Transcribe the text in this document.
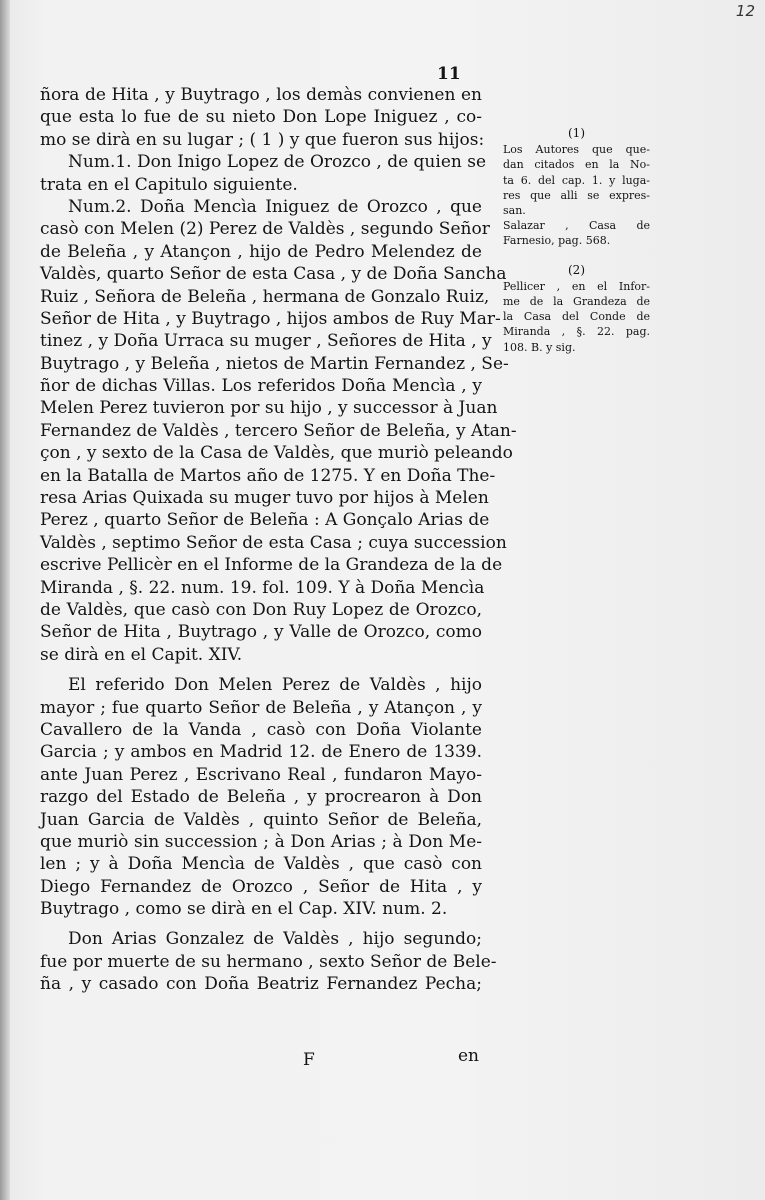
12
11
ñora de Hita , y Buytrago , los demàs convienen en
que esta lo fue de su nieto Don Lope Iniguez , co-
mo se dirà en su lugar ; ( 1 ) y que fueron sus hijos:
Num.1. Don Inigo Lopez de Orozco , de quien se
trata en el Capitulo siguiente.
Num.2. Doña Mencìa Iniguez de Orozco , que
casò con Melen (2) Perez de Valdès , segundo Señor
de Beleña , y Atançon , hijo de Pedro Melendez de
Valdès, quarto Señor de esta Casa , y de Doña Sancha
Ruiz , Señora de Beleña , hermana de Gonzalo Ruiz,
Señor de Hita , y Buytrago , hijos ambos de Ruy Mar-
tinez , y Doña Urraca su muger , Señores de Hita , y
Buytrago , y Beleña , nietos de Martin Fernandez , Se-
ñor de dichas Villas. Los referidos Doña Mencìa , y
Melen Perez tuvieron por su hijo , y successor à Juan
Fernandez de Valdès , tercero Señor de Beleña, y Atan-
çon , y sexto de la Casa de Valdès, que muriò peleando
en la Batalla de Martos año de 1275. Y en Doña The-
resa Arias Quixada su muger tuvo por hijos à Melen
Perez , quarto Señor de Beleña : A Gonçalo Arias de
Valdès , septimo Señor de esta Casa ; cuya succession
escrive Pellicèr en el Informe de la Grandeza de la de
Miranda , §. 22. num. 19. fol. 109. Y à Doña Mencìa
de Valdès, que casò con Don Ruy Lopez de Orozco,
Señor de Hita , Buytrago , y Valle de Orozco, como
se dirà en el Capit. XIV.
El referido Don Melen Perez de Valdès , hijo
mayor ; fue quarto Señor de Beleña , y Atançon , y
Cavallero de la Vanda , casò con Doña Violante
Garcia ; y ambos en Madrid 12. de Enero de 1339.
ante Juan Perez , Escrivano Real , fundaron Mayo-
razgo del Estado de Beleña , y procrearon à Don
Juan Garcia de Valdès , quinto Señor de Beleña,
que muriò sin succession ; à Don Arias ; à Don Me-
len ; y à Doña Mencìa de Valdès , que casò con
Diego Fernandez de Orozco , Señor de Hita , y
Buytrago , como se dirà en el Cap. XIV. num. 2.
Don Arias Gonzalez de Valdès , hijo segundo;
fue por muerte de su hermano , sexto Señor de Bele-
ña , y casado con Doña Beatriz Fernandez Pecha;
(1)
Los Autores que que-
dan citados en la No-
ta 6. del cap. 1. y luga-
res que alli se expres-
san.
Salazar , Casa de
Farnesio, pag. 568.
(2)
Pellicer , en el Infor-
me de la Grandeza de
la Casa del Conde de
Miranda , §. 22. pag.
108. B. y sig.
F	en
